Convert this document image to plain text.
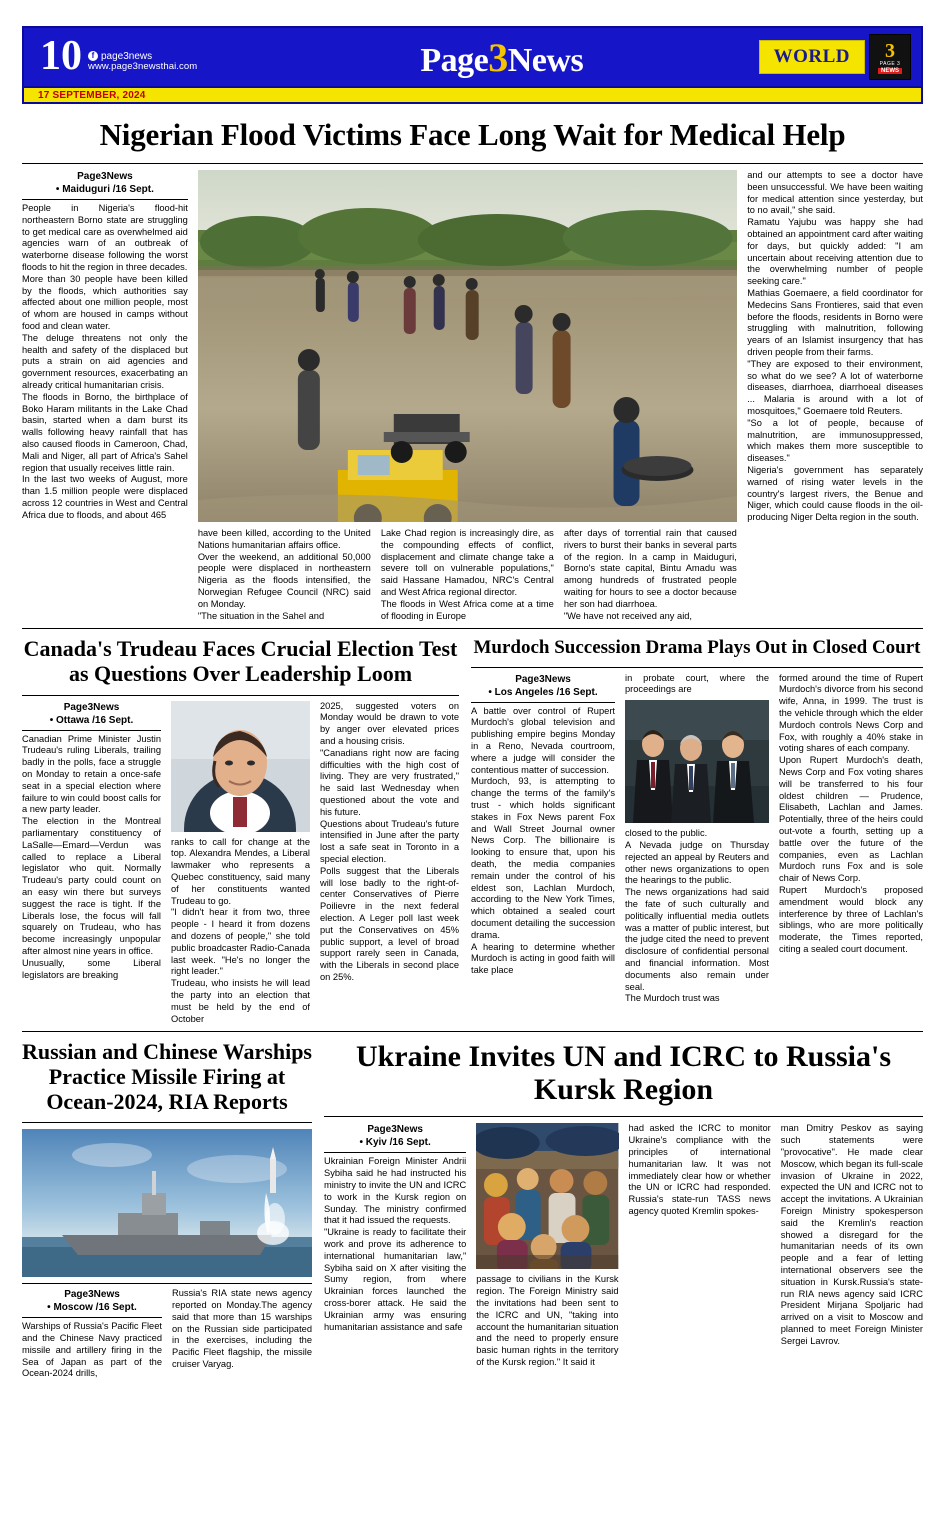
10	f page3news
www.page3newsthai.com	Page3News	WORLD	3
PAGE 3
NEWS
17 SEPTEMBER, 2024
Nigerian Flood Victims Face Long Wait for Medical Help
Page3News
• Maiduguri /16 Sept.

People in Nigeria's flood-hit northeastern Borno state are struggling to get medical care as overwhelmed aid agencies warn of an outbreak of waterborne disease following the worst floods to hit the region in three decades.

More than 30 people have been killed by the floods, which authorities say affected about one million people, most of whom are housed in camps without food and clean water.

The deluge threatens not only the health and safety of the displaced but puts a strain on aid agencies and government resources, exacerbating an already critical humanitarian crisis.

The floods in Borno, the birthplace of Boko Haram militants in the Lake Chad basin, started when a dam burst its walls following heavy rainfall that has also caused floods in Cameroon, Chad, Mali and Niger, all part of Africa's Sahel region that usually receives little rain.

In the last two weeks of August, more than 1.5 million people were displaced across 12 countries in West and Central Africa due to floods, and about 465

have been killed, according to the United Nations humanitarian affairs office.

Over the weekend, an additional 50,000 people were displaced in northeastern Nigeria as the floods intensified, the Norwegian Refugee Council (NRC) said on Monday.

"The situation in the Sahel and

Lake Chad region is increasingly dire, as the compounding effects of conflict, displacement and climate change take a severe toll on vulnerable populations," said Hassane Hamadou, NRC's Central and West Africa regional director.

The floods in West Africa come at a time of flooding in Europe

after days of torrential rain that caused rivers to burst their banks in several parts of the region. In a camp in Maiduguri, Borno's state capital, Bintu Amadu was among hundreds of frustrated people waiting for hours to see a doctor because her son had diarrhoea.

"We have not received any aid,

and our attempts to see a doctor have been unsuccessful. We have been waiting for medical attention since yesterday, but to no avail," she said.

Ramatu Yajubu was happy she had obtained an appointment card after waiting for days, but quickly added: "I am uncertain about receiving attention due to the overwhelming number of people seeking care."

Mathias Goemaere, a field coordinator for Medecins Sans Frontieres, said that even before the floods, residents in Borno were struggling with malnutrition, following years of an Islamist insurgency that has driven people from their farms.

"They are exposed to their environment, so what do we see? A lot of waterborne diseases, diarrhoea, diarrhoeal diseases ... Malaria is around with a lot of mosquitoes," Goemaere told Reuters.

"So a lot of people, because of malnutrition, are immunosuppressed, which makes them more susceptible to diseases."

Nigeria's government has separately warned of rising water levels in the country's largest rivers, the Benue and Niger, which could cause floods in the oil-producing Niger Delta region in the south.

Canada's Trudeau Faces Crucial Election Test as Questions Over Leadership Loom
Page3News
• Ottawa /16 Sept.

Canadian Prime Minister Justin Trudeau's ruling Liberals, trailing badly in the polls, face a struggle on Monday to retain a once-safe seat in a special election where failure to win could boost calls for a new party leader.

The election in the Montreal parliamentary constituency of LaSalle—Emard—Verdun was called to replace a Liberal legislator who quit. Normally Trudeau's party could count on an easy win there but surveys suggest the race is tight. If the Liberals lose, the focus will fall squarely on Trudeau, who has become increasingly unpopular after almost nine years in office.

Unusually, some Liberal legislators are breaking

ranks to call for change at the top. Alexandra Mendes, a Liberal lawmaker who represents a Quebec constituency, said many of her constituents wanted Trudeau to go.

"I didn't hear it from two, three people - I heard it from dozens and dozens of people," she told public broadcaster Radio-Canada last week. "He's no longer the right leader."

Trudeau, who insists he will lead the party into an election that must be held by the end of October

2025, suggested voters on Monday would be drawn to vote by anger over elevated prices and a housing crisis.

"Canadians right now are facing difficulties with the high cost of living. They are very frustrated," he said last Wednesday when questioned about the vote and his future.

Questions about Trudeau's future intensified in June after the party lost a safe seat in Toronto in a special election.

Polls suggest that the Liberals will lose badly to the right-of-center Conservatives of Pierre Poilievre in the next federal election. A Leger poll last week put the Conservatives on 45% public support, a level of broad support rarely seen in Canada, with the Liberals in second place on 25%.

Murdoch Succession Drama Plays Out in Closed Court
Page3News
• Los Angeles /16 Sept.

A battle over control of Rupert Murdoch's global television and publishing empire begins Monday in a Reno, Nevada courtroom, where a judge will consider the contentious matter of succession.

Murdoch, 93, is attempting to change the terms of the family's trust - which holds significant stakes in Fox News parent Fox and Wall Street Journal owner News Corp. The billionaire is looking to ensure that, upon his death, the media companies remain under the control of his eldest son, Lachlan Murdoch, according to the New York Times, which obtained a sealed court document detailing the succession drama.

A hearing to determine whether Murdoch is acting in good faith will take place

in probate court, where the proceedings are

closed to the public.

A Nevada judge on Thursday rejected an appeal by Reuters and other news organizations to open the hearings to the public.

The news organizations had said the fate of such culturally and politically influential media outlets was a matter of public interest, but the judge cited the need to prevent disclosure of confidential personal and financial information. Most documents also remain under seal.

The Murdoch trust was

formed around the time of Rupert Murdoch's divorce from his second wife, Anna, in 1999. The trust is the vehicle through which the elder Murdoch controls News Corp and Fox, with roughly a 40% stake in voting shares of each company.

Upon Rupert Murdoch's death, News Corp and Fox voting shares will be transferred to his four oldest children — Prudence, Elisabeth, Lachlan and James. Potentially, three of the heirs could out-vote a fourth, setting up a battle over the future of the companies, even as Lachlan Murdoch runs Fox and is sole chair of News Corp.

Rupert Murdoch's proposed amendment would block any interference by three of Lachlan's siblings, who are more politically moderate, the Times reported, citing a sealed court document.

Russian and Chinese Warships Practice Missile Firing at Ocean-2024, RIA Reports
Page3News
• Moscow /16 Sept.

Warships of Russia's Pacific Fleet and the Chinese Navy practiced missile and artillery firing in the Sea of Japan as part of the Ocean-2024 drills,

Russia's RIA state news agency reported on Monday.The agency said that more than 15 warships on the Russian side participated in the exercises, including the Pacific Fleet flagship, the missile cruiser Varyag.

Ukraine Invites UN and ICRC to Russia's Kursk Region
Page3News
• Kyiv /16 Sept.

Ukrainian Foreign Minister Andrii Sybiha said he had instructed his ministry to invite the UN and ICRC to work in the Kursk region on Sunday. The ministry confirmed that it had issued the requests.

"Ukraine is ready to facilitate their work and prove its adherence to international humanitarian law," Sybiha said on X after visiting the Sumy region, from where Ukrainian forces launched the cross-borer attack. He said the Ukrainian army was ensuring humanitarian assistance and safe

passage to civilians in the Kursk region. The Foreign Ministry said the invitations had been sent to the ICRC and UN, "taking into account the humanitarian situation and the need to properly ensure basic human rights in the territory of the Kursk region." It said it

had asked the ICRC to monitor Ukraine's compliance with the principles of international humanitarian law. It was not immediately clear how or whether the UN or ICRC had responded. Russia's state-run TASS news agency quoted Kremlin spokes-

man Dmitry Peskov as saying such statements were "provocative". He made clear Moscow, which began its full-scale invasion of Ukraine in 2022, expected the UN and ICRC not to accept the invitations. A Ukrainian Foreign Ministry spokesperson said the Kremlin's reaction showed a disregard for the humanitarian needs of its own people and a fear of letting international observers see the situation in Kursk.Russia's state-run RIA news agency said ICRC President Mirjana Spoljaric had arrived on a visit to Moscow and planned to meet Foreign Minister Sergei Lavrov.
